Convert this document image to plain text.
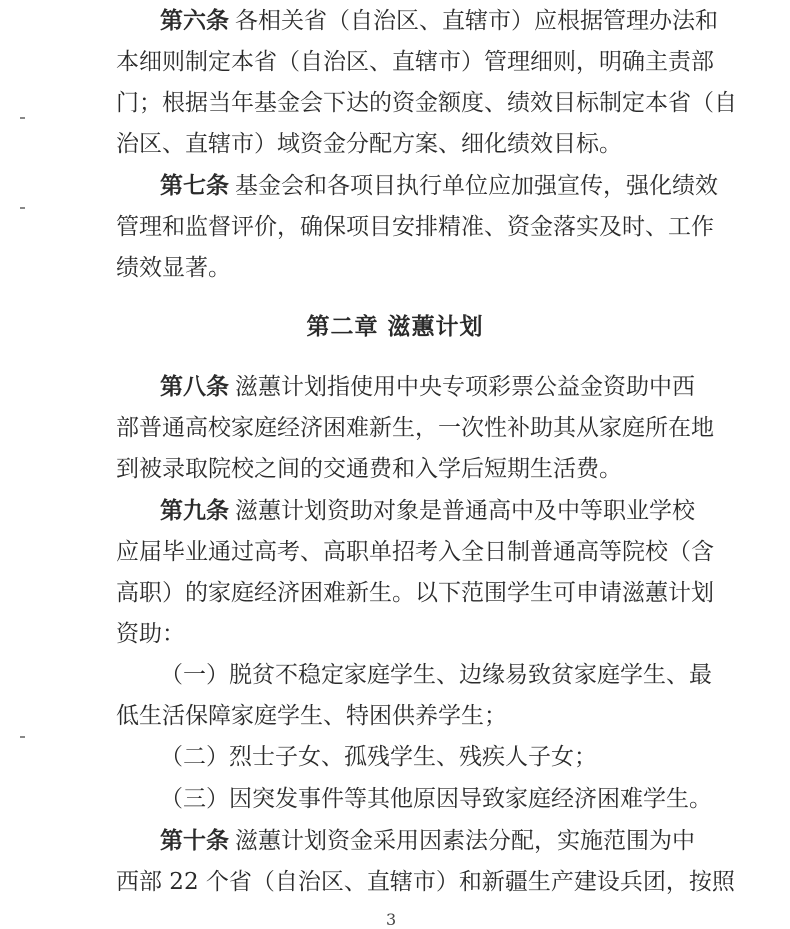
第六条 各相关省（自治区、直辖市）应根据管理办法和
本细则制定本省（自治区、直辖市）管理细则，明确主责部
门；根据当年基金会下达的资金额度、绩效目标制定本省（自
治区、直辖市）域资金分配方案、细化绩效目标。
第七条 基金会和各项目执行单位应加强宣传，强化绩效
管理和监督评价，确保项目安排精准、资金落实及时、工作
绩效显著。
第二章 滋蕙计划
第八条 滋蕙计划指使用中央专项彩票公益金资助中西
部普通高校家庭经济困难新生，一次性补助其从家庭所在地
到被录取院校之间的交通费和入学后短期生活费。
第九条 滋蕙计划资助对象是普通高中及中等职业学校
应届毕业通过高考、高职单招考入全日制普通高等院校（含
高职）的家庭经济困难新生。以下范围学生可申请滋蕙计划
资助：
（一）脱贫不稳定家庭学生、边缘易致贫家庭学生、最
低生活保障家庭学生、特困供养学生；
（二）烈士子女、孤残学生、残疾人子女；
（三）因突发事件等其他原因导致家庭经济困难学生。
第十条 滋蕙计划资金采用因素法分配，实施范围为中
西部 22 个省（自治区、直辖市）和新疆生产建设兵团，按照
3
